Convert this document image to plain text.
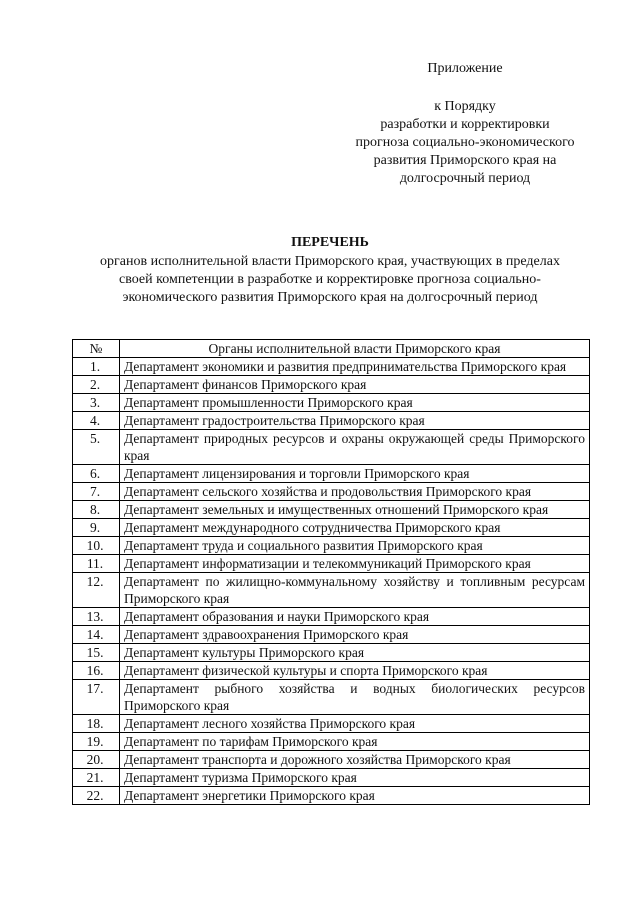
Приложение
к Порядку
разработки и корректировки
прогноза социально-экономического
развития Приморского края на
долгосрочный период
ПЕРЕЧЕНЬ
органов исполнительной власти Приморского края, участвующих в пределах
своей компетенции в разработке и корректировке прогноза социально-
экономического развития Приморского края на долгосрочный период
№	Органы исполнительной власти Приморского края
1.	Департамент экономики и развития предпринимательства Приморского края
2.	Департамент финансов Приморского края
3.	Департамент промышленности Приморского края
4.	Департамент градостроительства Приморского края
5.	Департамент природных ресурсов и охраны окружающей среды Приморского края
6.	Департамент лицензирования и торговли Приморского края
7.	Департамент сельского хозяйства и продовольствия Приморского края
8.	Департамент земельных и имущественных отношений Приморского края
9.	Департамент международного сотрудничества Приморского края
10.	Департамент труда и социального развития Приморского края
11.	Департамент информатизации и телекоммуникаций Приморского края
12.	Департамент по жилищно-коммунальному хозяйству и топливным ресурсам Приморского края
13.	Департамент образования и науки Приморского края
14.	Департамент здравоохранения Приморского края
15.	Департамент культуры Приморского края
16.	Департамент физической культуры и спорта Приморского края
17.	Департамент рыбного хозяйства и водных биологических ресурсов Приморского края
18.	Департамент лесного хозяйства Приморского края
19.	Департамент по тарифам Приморского края
20.	Департамент транспорта и дорожного хозяйства Приморского края
21.	Департамент туризма Приморского края
22.	Департамент энергетики Приморского края
